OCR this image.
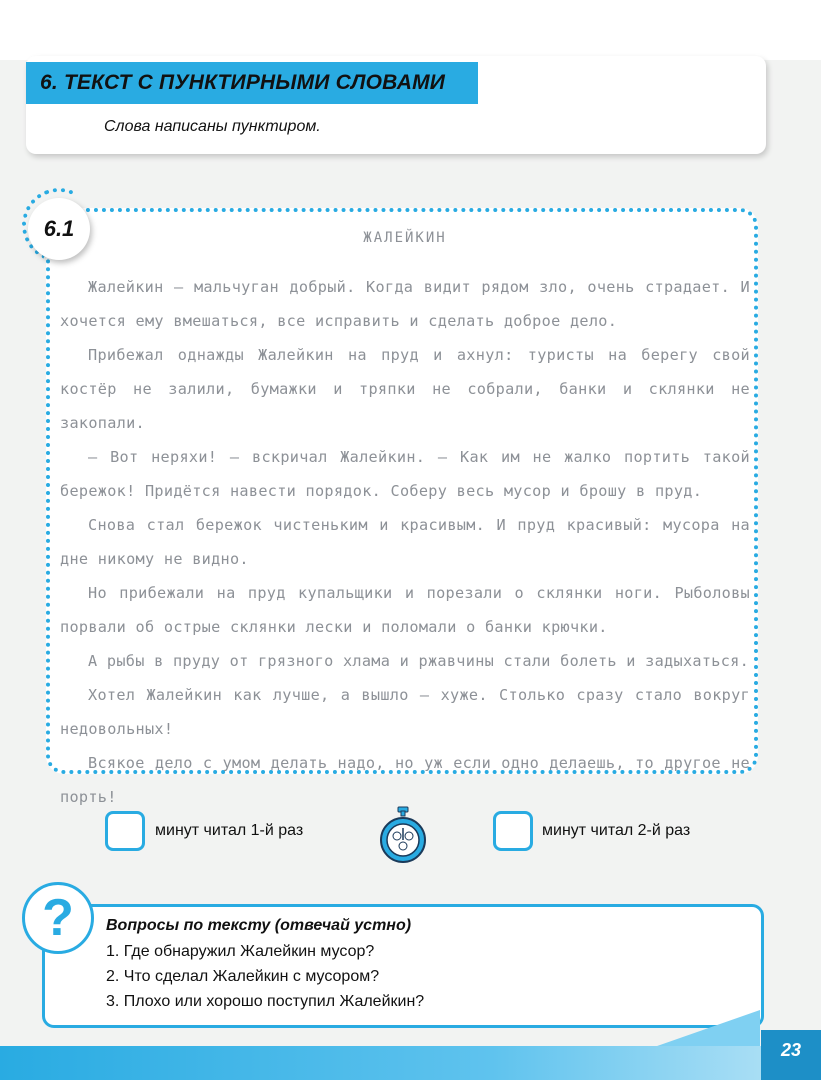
6. ТЕКСТ С ПУНКТИРНЫМИ СЛОВАМИ
Слова написаны пунктиром.
6.1	ЖАЛЕЙКИН

Жалейкин – мальчуган добрый. Когда видит рядом зло, очень страдает. И хочется ему вмешаться, все исправить и сделать доброе дело.

Прибежал однажды Жалейкин на пруд и ахнул: туристы на берегу свой костёр не залили, бумажки и тряпки не собрали, банки и склянки не закопали.

– Вот неряхи! – вскричал Жалейкин. – Как им не жалко портить такой бережок! Придётся навести порядок. Соберу весь мусор и брошу в пруд.

Снова стал бережок чистеньким и красивым. И пруд красивый: мусора на дне никому не видно.

Но прибежали на пруд купальщики и порезали о склянки ноги. Рыболовы порвали об острые склянки лески и поломали о банки крючки.

А рыбы в пруду от грязного хлама и ржавчины стали болеть и задыхаться.

Хотел Жалейкин как лучше, а вышло – хуже. Столько сразу стало вокруг недовольных!

Всякое дело с умом делать надо, но уж если одно делаешь, то другое не порть!

минут читал 1-й раз	минут читал 2-й раз
?	Вопросы по тексту (отвечай устно)
1. Где обнаружил Жалейкин мусор?
2. Что сделал Жалейкин с мусором?
3. Плохо или хорошо поступил Жалейкин?
23
